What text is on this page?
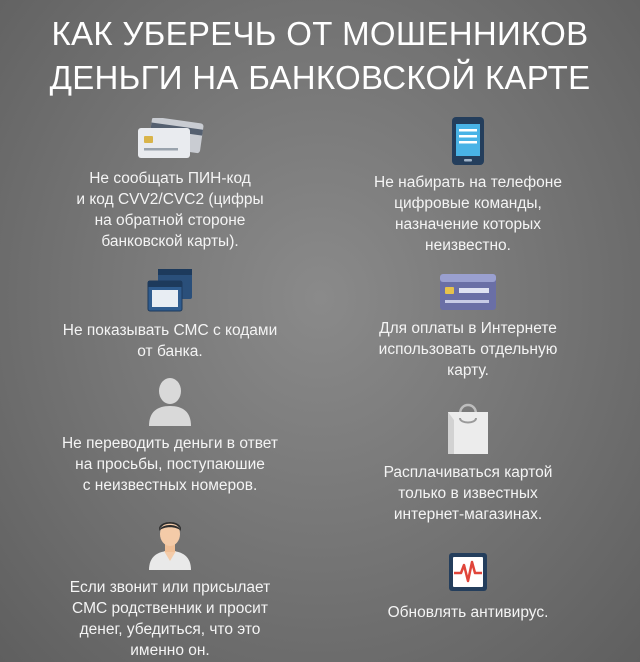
КАК УБЕРЕЧЬ ОТ МОШЕННИКОВ
ДЕНЬГИ НА БАНКОВСКОЙ КАРТЕ
Не сообщать ПИН-код
и код CVV2/CVC2 (цифры
на обратной стороне
банковской карты).
Не набирать на телефоне
цифровые команды,
назначение которых
неизвестно.
Не показывать СМС с кодами
от банка.
Для оплаты в Интернете
использовать отдельную
карту.
Не переводить деньги в ответ
на просьбы, поступаюшие
с неизвестных номеров.
Расплачиваться картой
только в известных
интернет-магазинах.
Если звонит или присылает
СМС родственник и просит
денег, убедиться, что это
именно он.
Обновлять антивирус.
